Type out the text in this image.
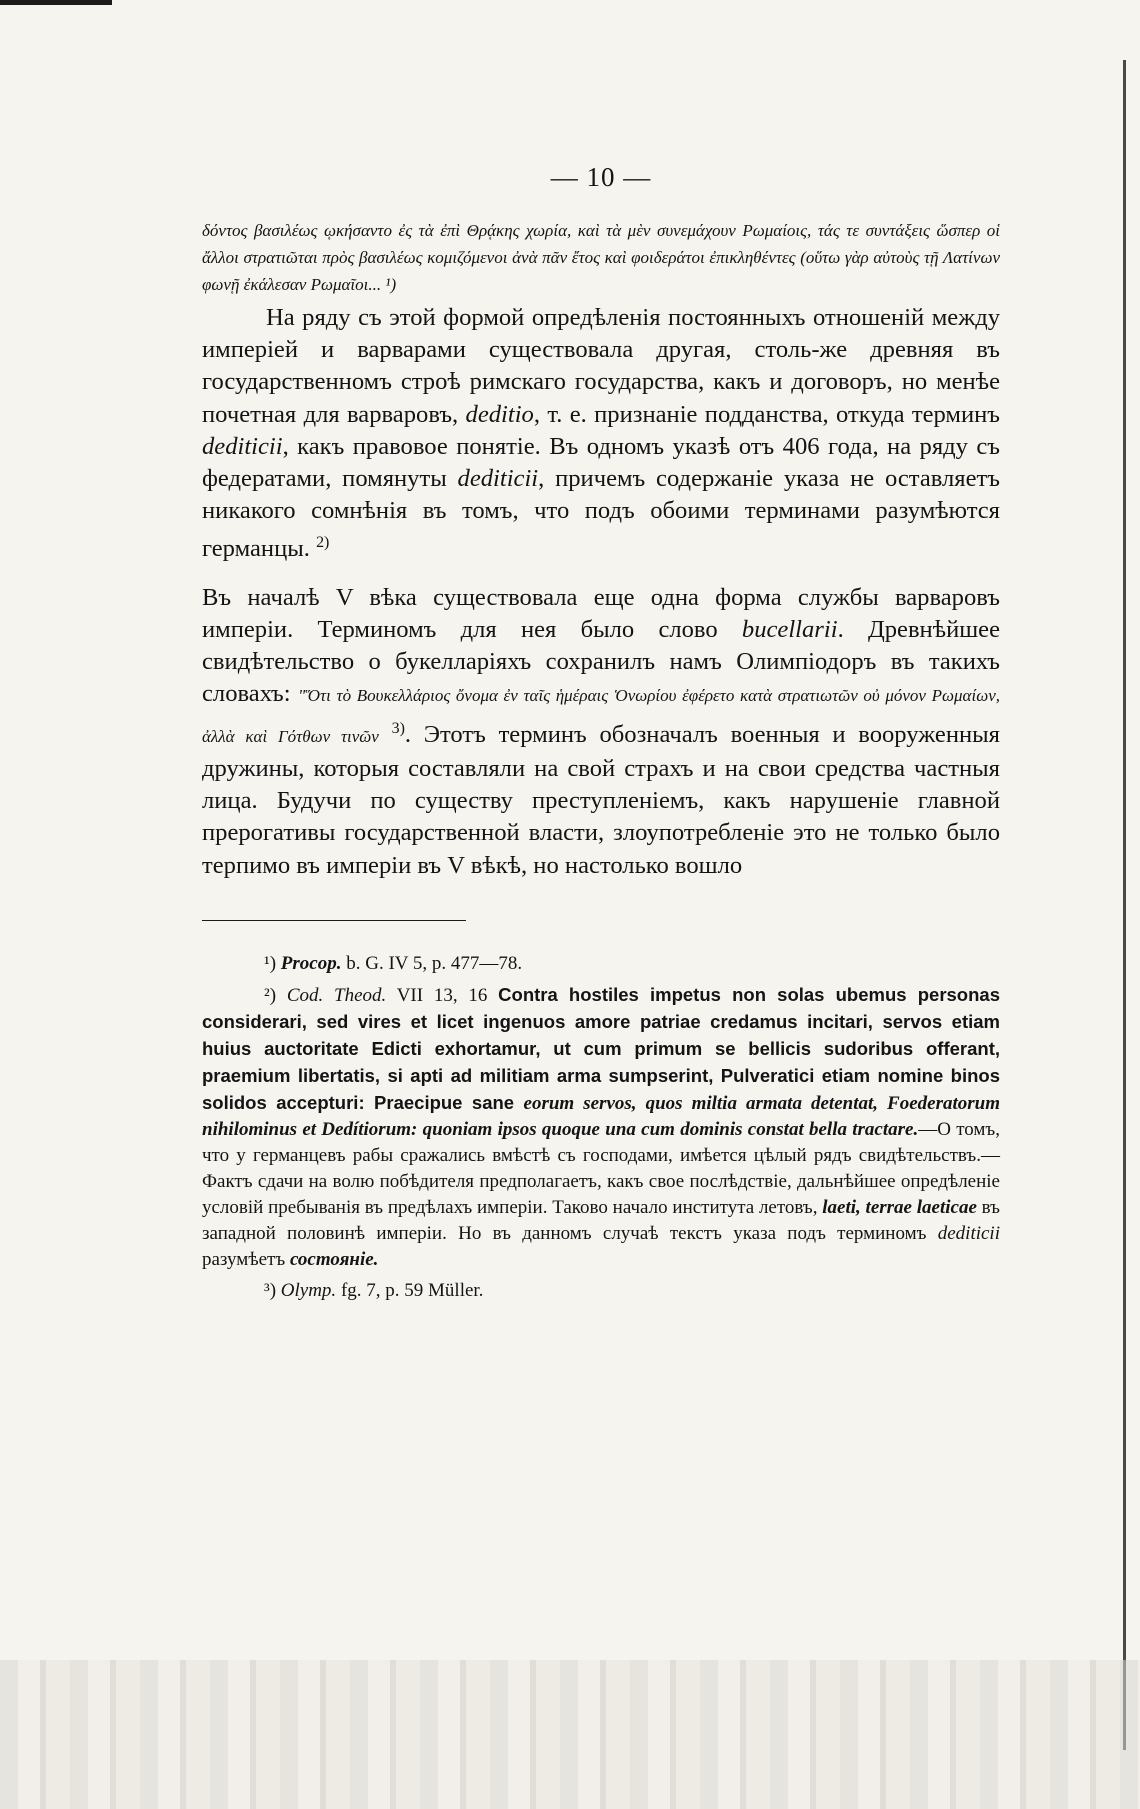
— 10 —
δόντος βασιλέως ῳκήσαντο ἐς τὰ ἐπὶ Θρᾴκης χωρία, καὶ τὰ μὲν συνεμάχουν Ρωμαίοις, τάς τε συντάξεις ὥσπερ οἱ ἄλλοι στρατιῶται πρὸς βασιλέως κομιζόμενοι ἀνὰ πᾶν ἔτος καὶ φοιδεράτοι ἐπικληθέντες (οὕτω γὰρ αὐτοὺς τῇ Λατίνων φωνῇ ἐκάλεσαν Ρωμαῖοι... ¹)

На ряду съ этой формой опредѣленія постоянныхъ отношеній между имперіей и варварами существовала другая, столь-же древняя въ государственномъ строѣ римскаго государства, какъ и договоръ, но менѣе почетная для варваровъ, deditio, т. е. признаніе подданства, откуда терминъ dediticii, какъ правовое понятіе. Въ одномъ указѣ отъ 406 года, на ряду съ федератами, помянуты dediticii, причемъ содержаніе указа не оставляетъ никакого сомнѣнія въ томъ, что подъ обоими терминами разумѣются германцы. $^{2)}$

Въ началѣ V вѣка существовала еще одна форма службы варваровъ имперіи. Терминомъ для нея было слово bucellarii. Древнѣйшее свидѣтельство о букелларіяхъ сохранилъ намъ Олимпіодоръ въ такихъ словахъ: "Ὅτι τὸ Βουκελλάριος ὄνομα ἐν ταῖς ἡμέραις Ὁνωρίου ἐφέρετο κατὰ στρατιωτῶν οὐ μόνον Ρωμαίων, ἀλλὰ καὶ Γότθων τινῶν $^{3)}$. Этотъ терминъ обозначалъ военныя и вооруженныя дружины, которыя составляли на свой страхъ и на свои средства частныя лица. Будучи по существу преступленіемъ, какъ нарушеніе главной прерогативы государственной власти, злоупотребленіе это не только было терпимо въ имперіи въ V вѣкѣ, но настолько вошло

¹) Procop. b. G. IV 5, p. 477—78.

²) Cod. Theod. VII 13, 16 Contra hostiles impetus non solas ubemus personas considerari, sed vires et licet ingenuos amore patriae credamus incitari, servos etiam huius auctoritate Edicti exhortamur, ut cum primum se bellicis sudoribus offerant, praemium libertatis, si apti ad militiam arma sumpserint, Pulveratici etiam nomine binos solidos accepturi: Praecipue sane eorum servos, quos miltia armata detentat, Foederatorum nihilominus et Dedítiorum: quoniam ipsos quoque una cum dominis constat bella tractare.—О томъ, что у германцевъ рабы сражались вмѣстѣ съ господами, имѣется цѣлый рядъ свидѣтельствъ.—Фактъ сдачи на волю побѣдителя предполагаетъ, какъ свое послѣдствіе, дальнѣйшее опредѣленіе условій пребыванія въ предѣлахъ имперіи. Таково начало института летовъ, laeti, terrae laeticae въ западной половинѣ имперіи. Но въ данномъ случаѣ текстъ указа подъ терминомъ dediticii разумѣетъ состоянie.

³) Olymp. fg. 7, p. 59 Müller.
